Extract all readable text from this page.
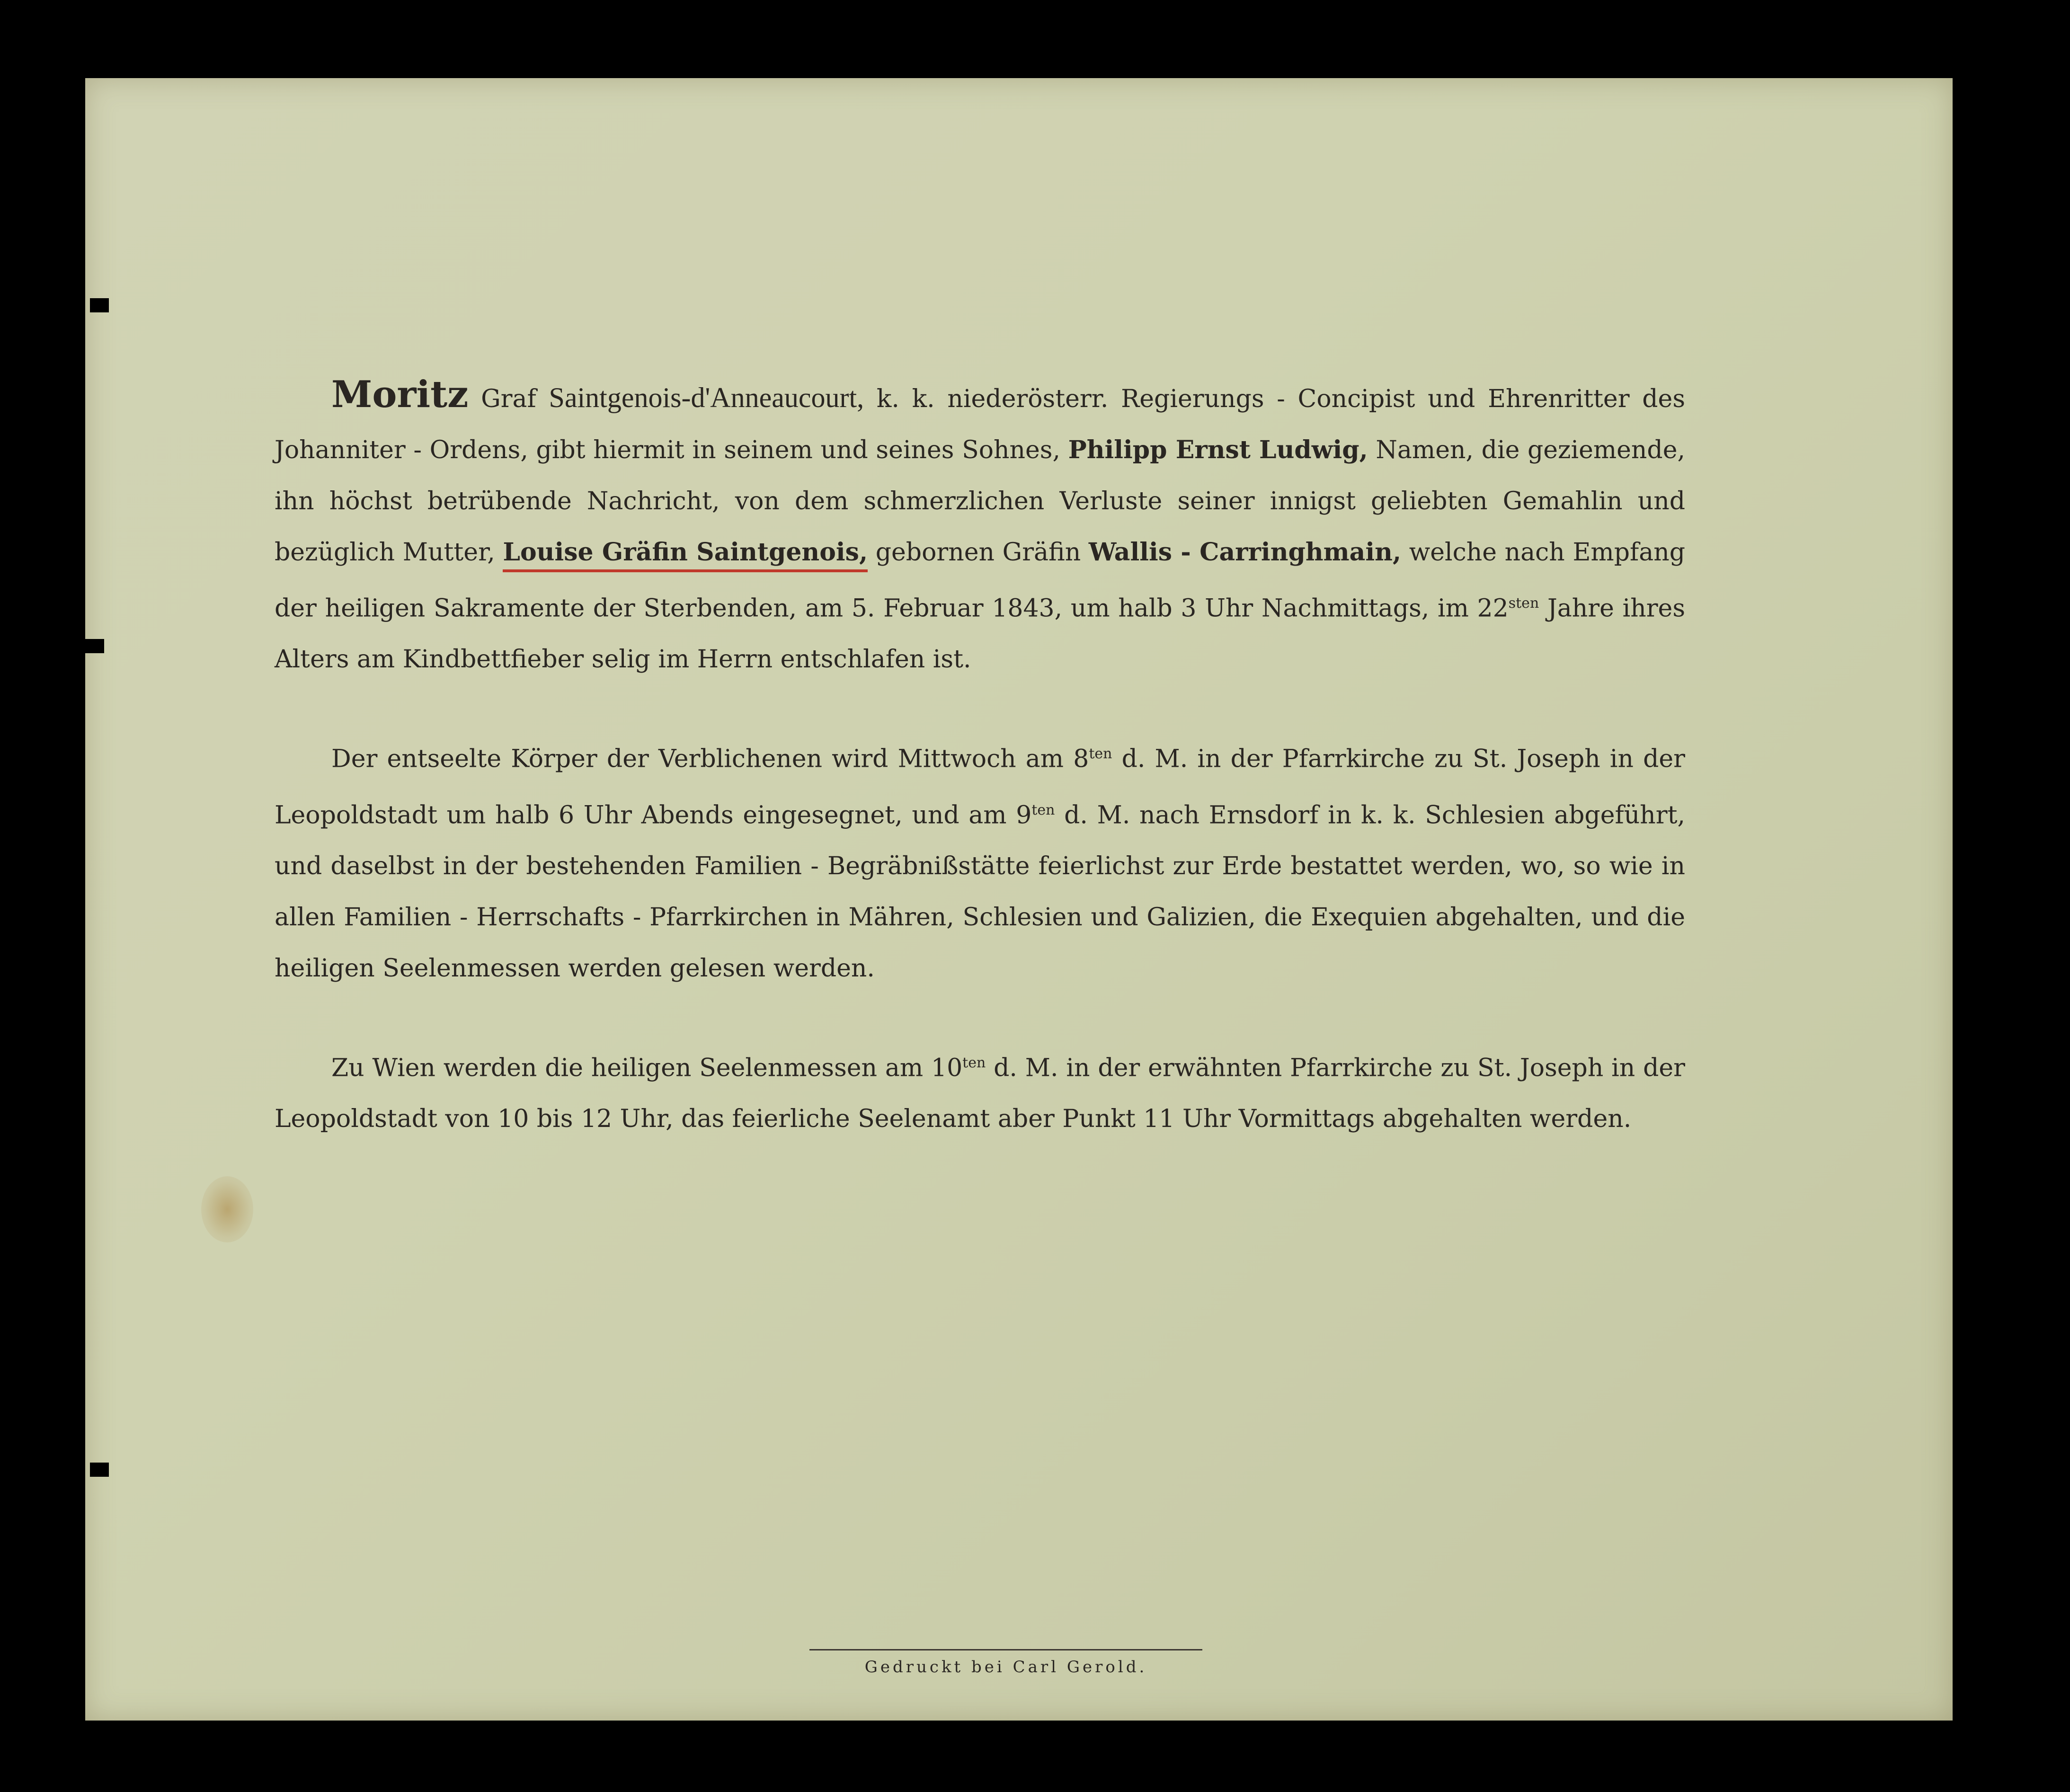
Moritz Graf Saintgenois-d'Anneaucourt, k. k. niederösterr. Regierungs - Concipist und Ehrenritter des Johanniter - Ordens, gibt hiermit in seinem und seines Sohnes, Philipp Ernst Ludwig, Namen, die geziemende, ihn höchst betrübende Nachricht, von dem schmerzlichen Verluste seiner innigst geliebten Gemahlin und bezüglich Mutter, Louise Gräfin Saintgenois, gebornen Gräfin Wallis - Carringhmain, welche nach Empfang der heiligen Sakramente der Sterbenden, am 5. Februar 1843, um halb 3 Uhr Nachmittags, im $22^{sten}$ Jahre ihres Alters am Kindbettfieber selig im Herrn entschlafen ist.

Der entseelte Körper der Verblichenen wird Mittwoch am $8^{ten}$ d. M. in der Pfarrkirche zu St. Joseph in der Leopoldstadt um halb 6 Uhr Abends eingesegnet, und am $9^{ten}$ d. M. nach Ernsdorf in k. k. Schlesien abgeführt, und daselbst in der bestehenden Familien - Begräbnißstätte feierlichst zur Erde bestattet werden, wo, so wie in allen Familien - Herrschafts - Pfarrkirchen in Mähren, Schlesien und Galizien, die Exequien abgehalten, und die heiligen Seelenmessen werden gelesen werden.

Zu Wien werden die heiligen Seelenmessen am $10^{ten}$ d. M. in der erwähnten Pfarrkirche zu St. Joseph in der Leopoldstadt von 10 bis 12 Uhr, das feierliche Seelenamt aber Punkt 11 Uhr Vormittags abgehalten werden.

Gedruckt bei Carl Gerold.
